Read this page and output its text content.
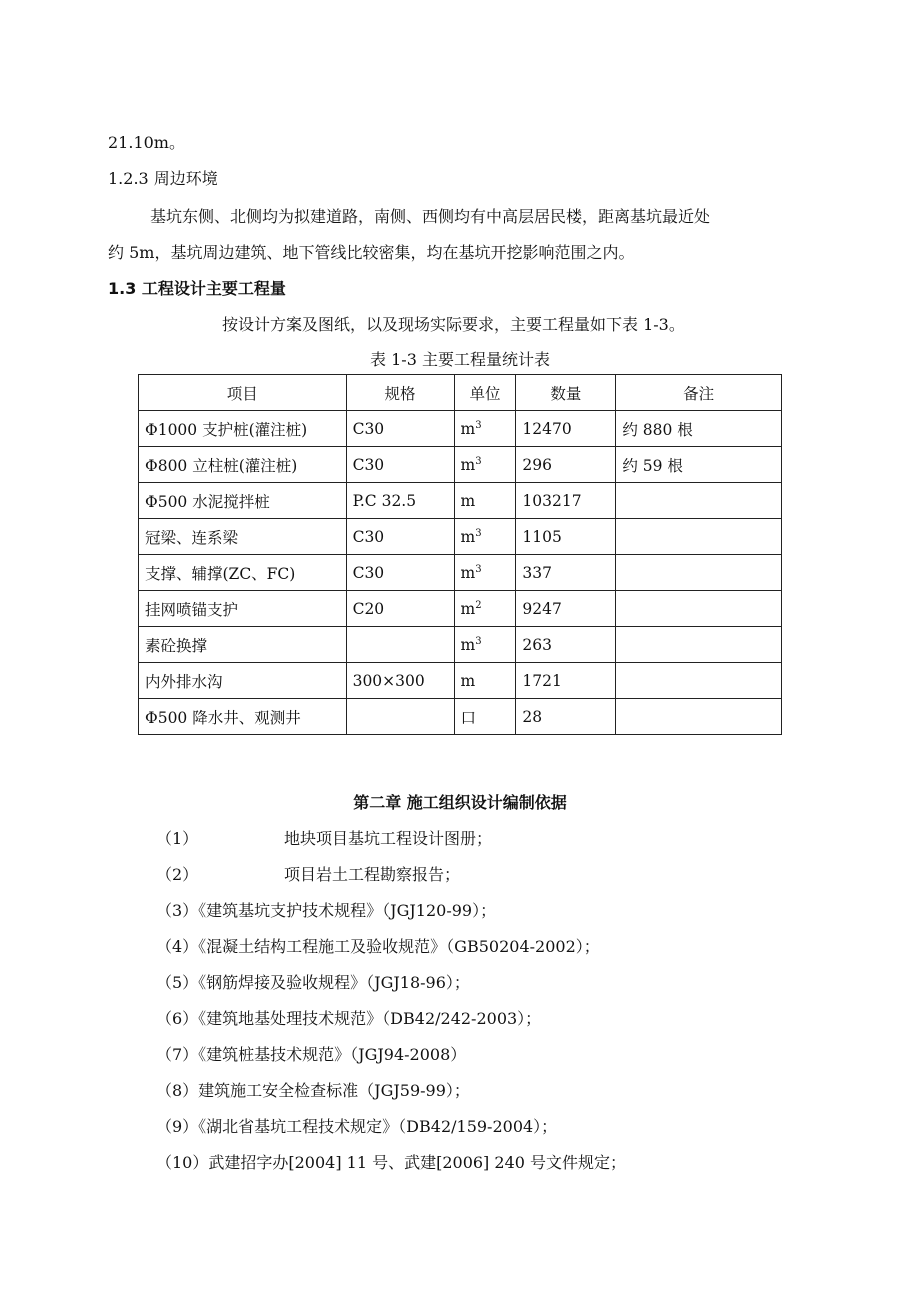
21.10m。
1.2.3 周边环境
基坑东侧、北侧均为拟建道路，南侧、西侧均有中高层居民楼，距离基坑最近处
约 5m，基坑周边建筑、地下管线比较密集，均在基坑开挖影响范围之内。
1.3 工程设计主要工程量
按设计方案及图纸，以及现场实际要求，主要工程量如下表 1-3。
表 1-3 主要工程量统计表
项目	规格	单位	数量	备注
Φ1000 支护桩(灌注桩)	C30	$m^3$	12470	约 880 根
Φ800 立柱桩(灌注桩)	C30	$m^3$	296	约 59 根
Φ500 水泥搅拌桩	P.C 32.5	m	103217	
冠梁、连系梁	C30	$m^3$	1105	
支撑、辅撑(ZC、FC)	C30	$m^3$	337	
挂网喷锚支护	C20	$m^2$	9247	
素砼换撑		$m^3$	263	
内外排水沟	300×300	m	1721	
Φ500 降水井、观测井		口	28	
第二章 施工组织设计编制依据
（1）	地块项目基坑工程设计图册；
（2）	项目岩土工程勘察报告；
（3）《建筑基坑支护技术规程》（JGJ120-99）；
（4）《混凝土结构工程施工及验收规范》（GB50204-2002）；
（5）《钢筋焊接及验收规程》（JGJ18-96）；
（6）《建筑地基处理技术规范》（DB42/242-2003）；
（7）《建筑桩基技术规范》（JGJ94-2008）
（8）建筑施工安全检查标准（JGJ59-99）；
（9）《湖北省基坑工程技术规定》（DB42/159-2004）；
（10）武建招字办[2004] 11 号、武建[2006] 240 号文件规定；
